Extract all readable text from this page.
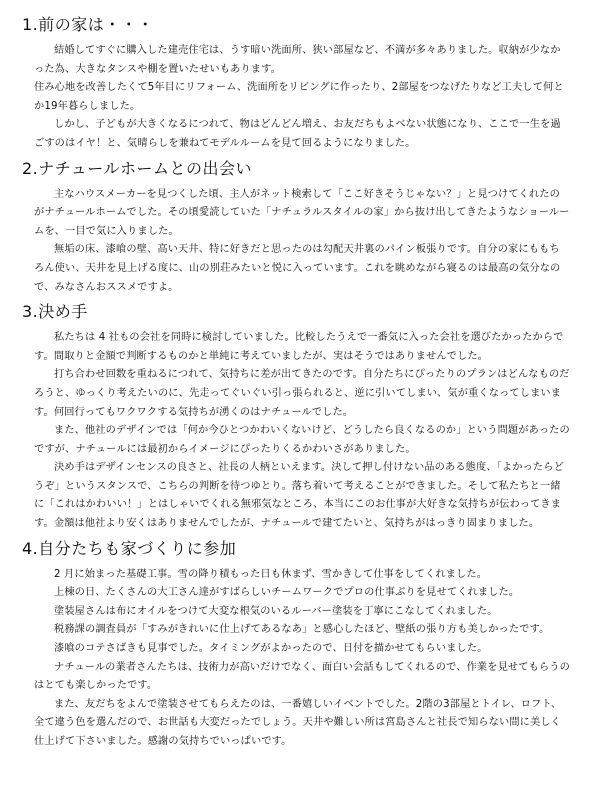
1.前の家は・・・

結婚してすぐに購入した建売住宅は、うす暗い洗面所、狭い部屋など、不満が多々ありました。収納が少なかった為、大きなタンスや棚を置いたせいもあります。

住み心地を改善したくて5年目にリフォーム、洗面所をリビングに作ったり、2部屋をつなげたりなど工夫して何とか19年暮らしました。

しかし、子どもが大きくなるにつれて、物はどんどん増え、お友だちもよべない状態になり、ここで一生を過ごすのはイヤ！と、気晴らしを兼ねてモデルルームを見て回るようになりました。

2.ナチュールホームとの出会い

主なハウスメーカーを見つくした頃、主人がネット検索して「ここ好きそうじゃない？」と見つけてくれたのがナチュールホームでした。その頃愛読していた「ナチュラルスタイルの家」から抜け出してきたようなショールームを、一目で気に入りました。

無垢の床、漆喰の壁、高い天井、特に好きだと思ったのは勾配天井裏のパイン板張りです。自分の家にももちろん使い、天井を見上げる度に、山の別荘みたいと悦に入っています。これを眺めながら寝るのは最高の気分なので、みなさんおススメですよ。

3.決め手

私たちは 4 社もの会社を同時に検討していました。比較したうえで一番気に入った会社を選びたかったからです。間取りと金額で判断するものかと単純に考えていましたが、実はそうではありませんでした。

打ち合わせ回数を重ねるにつれて、気持ちに差が出てきたのです。自分たちにぴったりのプランはどんなものだろうと、ゆっくり考えたいのに、先走ってぐいぐい引っ張られると、逆に引いてしまい、気が重くなってしまいます。何回行ってもワクワクする気持ちが湧くのはナチュールでした。

また、他社のデザインでは「何か今ひとつかわいくないけど、どうしたら良くなるのか」という問題があったのですが、ナチュールには最初からイメージにぴったりくるかわいさがありました。

決め手はデザインセンスの良さと、社長の人柄といえます。決して押し付けない品のある態度、「よかったらどうぞ」というスタンスで、こちらの判断を待つゆとり。落ち着いて考えることができました。そして私たちと一緒に「これはかわいい！」とはしゃいでくれる無邪気なところ、本当にこのお仕事が大好きな気持ちが伝わってきます。金額は他社より安くはありませんでしたが、ナチュールで建てたいと、気持ちがはっきり固まりました。

4.自分たちも家づくりに参加

2 月に始まった基礎工事。雪の降り積もった日も休まず、雪かきして仕事をしてくれました。

上棟の日、たくさんの大工さん達がすばらしいチームワークでプロの仕事ぶりを見せてくれました。

塗装屋さんは布にオイルをつけて大変な根気のいるルーバー塗装を丁寧にこなしてくれました。

税務課の調査員が「すみがきれいに仕上げてあるなあ」と感心したほど、壁紙の張り方も美しかったです。

漆喰のコテさばきも見事でした。タイミングがよかったので、日付を描かせてもらいました。

ナチュールの業者さんたちは、技術力が高いだけでなく、面白い会話もしてくれるので、作業を見せてもらうのはとても楽しかったです。

また、友だちをよんで塗装させてもらえたのは、一番嬉しいイベントでした。2階の3部屋とトイレ、ロフト、全て違う色を選んだので、お世話も大変だったでしょう。天井や難しい所は宮島さんと社長で知らない間に美しく仕上げて下さいました。感謝の気持ちでいっぱいです。
